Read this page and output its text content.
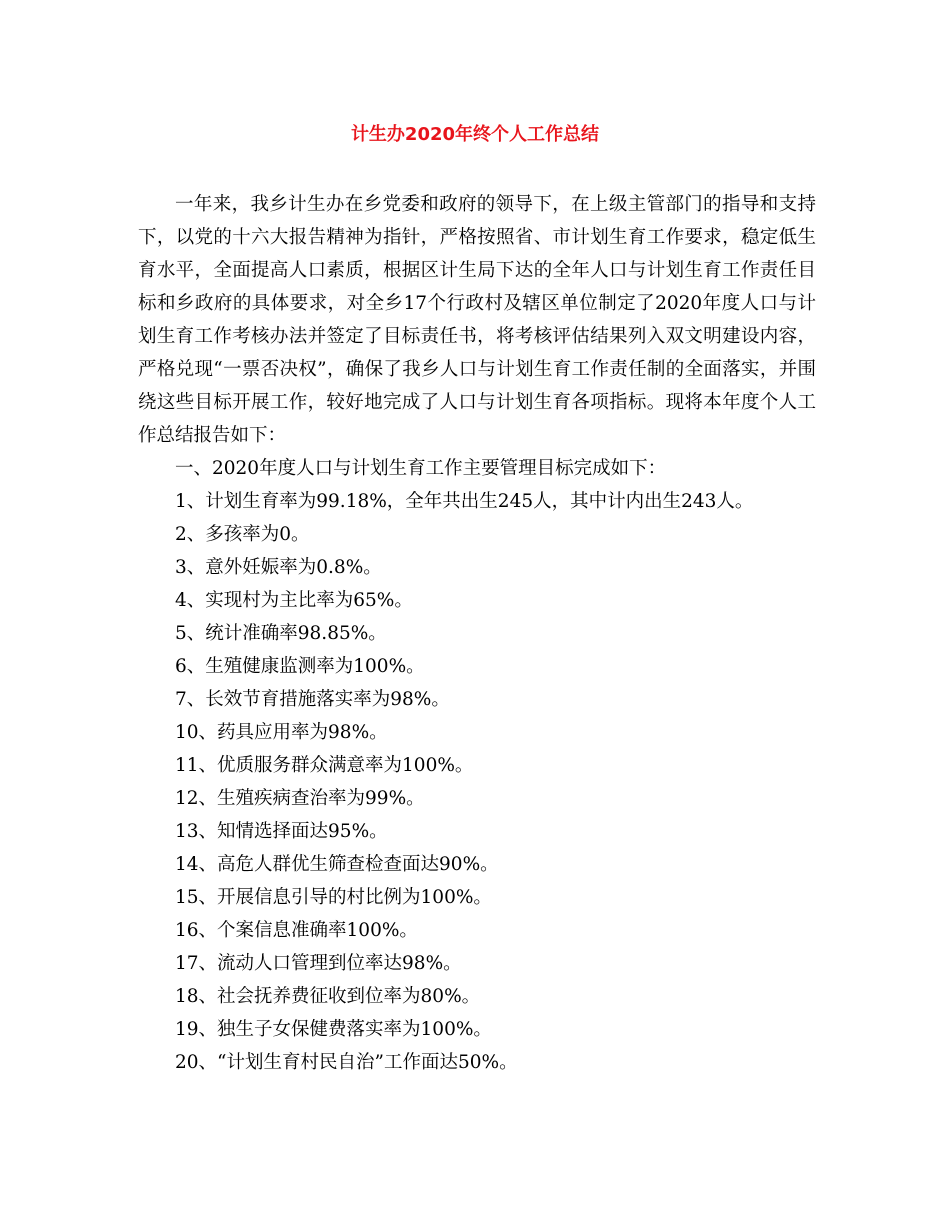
计生办2020年终个人工作总结

一年来，我乡计生办在乡党委和政府的领导下，在上级主管部门的指导和支持下，以党的十六大报告精神为指针，严格按照省、市计划生育工作要求，稳定低生育水平，全面提高人口素质，根据区计生局下达的全年人口与计划生育工作责任目标和乡政府的具体要求，对全乡17个行政村及辖区单位制定了2020年度人口与计划生育工作考核办法并签定了目标责任书，将考核评估结果列入双文明建设内容，严格兑现“一票否决权”，确保了我乡人口与计划生育工作责任制的全面落实，并围绕这些目标开展工作，较好地完成了人口与计划生育各项指标。现将本年度个人工作总结报告如下：

一、2020年度人口与计划生育工作主要管理目标完成如下：
1、计划生育率为99.18%，全年共出生245人，其中计内出生243人。
2、多孩率为0。
3、意外妊娠率为0.8%。
4、实现村为主比率为65%。
5、统计准确率98.85%。
6、生殖健康监测率为100%。
7、长效节育措施落实率为98%。
10、药具应用率为98%。
11、优质服务群众满意率为100%。
12、生殖疾病查治率为99%。
13、知情选择面达95%。
14、高危人群优生筛查检查面达90%。
15、开展信息引导的村比例为100%。
16、个案信息准确率100%。
17、流动人口管理到位率达98%。
18、社会抚养费征收到位率为80%。
19、独生子女保健费落实率为100%。
20、“计划生育村民自治”工作面达50%。
